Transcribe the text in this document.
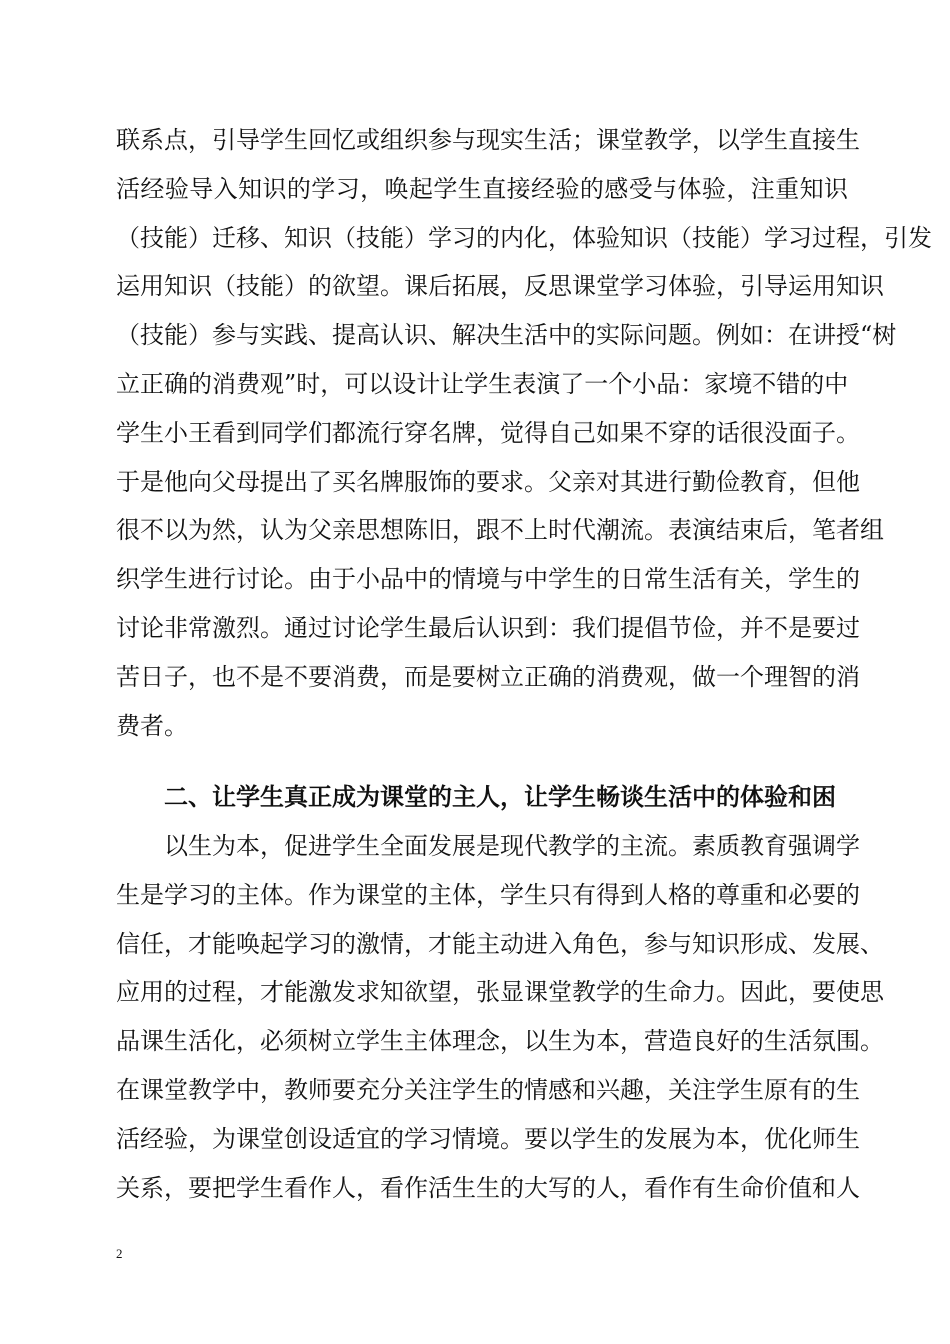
联系点，引导学生回忆或组织参与现实生活；课堂教学，以学生直接生
活经验导入知识的学习，唤起学生直接经验的感受与体验，注重知识
（技能）迁移、知识（技能）学习的内化，体验知识（技能）学习过程，引发
运用知识（技能）的欲望。课后拓展，反思课堂学习体验，引导运用知识
（技能）参与实践、提高认识、解决生活中的实际问题。例如：在讲授“树
立正确的消费观”时，可以设计让学生表演了一个小品：家境不错的中
学生小王看到同学们都流行穿名牌，觉得自己如果不穿的话很没面子。
于是他向父母提出了买名牌服饰的要求。父亲对其进行勤俭教育，但他
很不以为然，认为父亲思想陈旧，跟不上时代潮流。表演结束后，笔者组
织学生进行讨论。由于小品中的情境与中学生的日常生活有关，学生的
讨论非常激烈。通过讨论学生最后认识到：我们提倡节俭，并不是要过
苦日子，也不是不要消费，而是要树立正确的消费观，做一个理智的消
费者。
二、让学生真正成为课堂的主人，让学生畅谈生活中的体验和困
以生为本，促进学生全面发展是现代教学的主流。素质教育强调学
生是学习的主体。作为课堂的主体，学生只有得到人格的尊重和必要的
信任，才能唤起学习的激情，才能主动进入角色，参与知识形成、发展、
应用的过程，才能激发求知欲望，张显课堂教学的生命力。因此，要使思
品课生活化，必须树立学生主体理念，以生为本，营造良好的生活氛围。
在课堂教学中，教师要充分关注学生的情感和兴趣，关注学生原有的生
活经验，为课堂创设适宜的学习情境。要以学生的发展为本，优化师生
关系，要把学生看作人，看作活生生的大写的人，看作有生命价值和人
2
